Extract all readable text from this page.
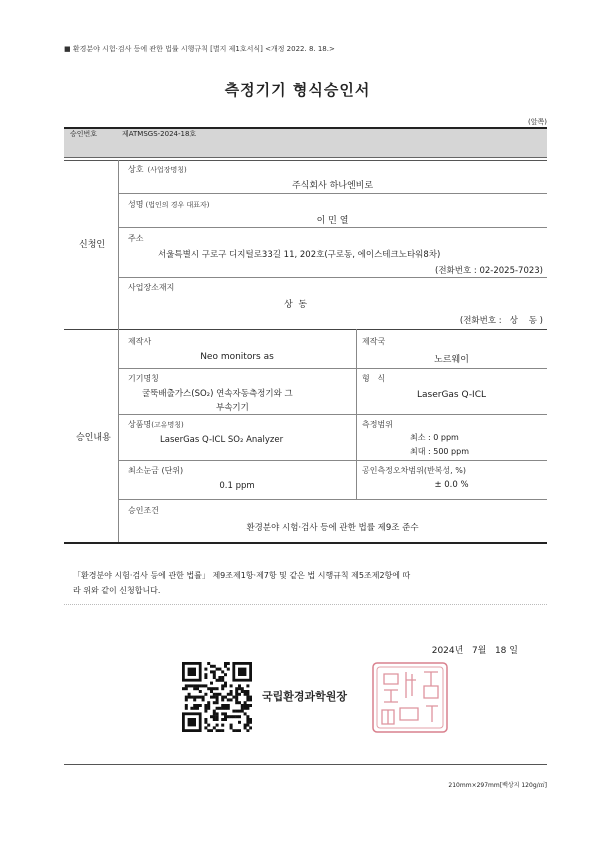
■ 환경분야 시험·검사 등에 관한 법률 시행규칙 [별지 제1호서식] <개정 2022. 8. 18.>
측정기기 형식승인서
(앞쪽)
승인번호	제ATMSGS-2024-18호
신청인
상호 (사업장명칭)
주식회사 하나엔비로
성명 (법인의 경우 대표자)
이 민 열
주소
서울특별시 구로구 디지털로33길 11, 202호(구로동, 에이스테크노타워8차)
(전화번호 : 02-2025-7023)
사업장소재지
상  동
(전화번호 :   상    동 )
승인내용
제작사
Neo monitors as
제작국
노르웨이
기기명칭
굴뚝배출가스(SO₂) 연속자동측정기와 그
부속기기
형   식
LaserGas Q-ICL
상품명(고유명칭)
LaserGas Q-ICL SO₂ Analyzer
측정범위
최소 : 0 ppm
최대 : 500 ppm
최소눈금 (단위)
0.1 ppm
공인측정오차범위(반복성, %)
± 0.0 %
승인조건
환경분야 시험·검사 등에 관한 법률 제9조 준수
「환경분야 시험·검사 등에 관한 법률」 제9조제1항·제7항 및 같은 법 시행규칙 제5조제2항에 따
라 위와 같이 신청합니다.

2024년 7월 18 일

국립환경과학원장
210mm×297mm[백상지 120g/㎡]
